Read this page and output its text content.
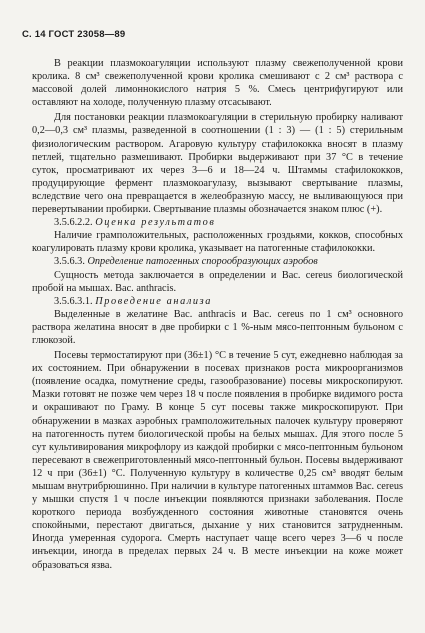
С. 14 ГОСТ 23058—89

В реакции плазмокоагуляции используют плазму свежеполученной крови кролика. 8 см³ свежеполученной крови кролика смешивают с 2 см³ раствора с массовой долей лимоннокислого натрия 5 %. Смесь центрифугируют или оставляют на холоде, полученную плазму отсасывают.

Для постановки реакции плазмокоагуляции в стерильную пробирку наливают 0,2—0,3 см³ плазмы, разведенной в соотношении (1 : 3) — (1 : 5) стерильным физиологическим раствором. Агаровую культуру стафилококка вносят в плазму петлей, тщательно размешивают. Пробирки выдерживают при 37 °С в течение суток, просматривают их через 3—6 и 18—24 ч. Штаммы стафилококков, продуцирующие фермент плазмокоагулазу, вызывают свертывание плазмы, вследствие чего она превращается в желеобразную массу, не выливающуюся при перевертывании пробирки. Свертывание плазмы обозначается знаком плюс (+).

3.5.6.2.2. Оценка результатов

Наличие грамположительных, расположенных гроздьями, кокков, способных коагулировать плазму крови кролика, указывает на патогенные стафилококки.

3.5.6.3. Определение патогенных спорообразующих аэробов

Сущность метода заключается в определении и Bac. cereus биологической пробой на мышах. Bac. anthracis.

3.5.6.3.1. Проведение анализа

Выделенные в желатине Bac. anthracis и Bac. cereus по 1 см³ основного раствора желатина вносят в две пробирки с 1 %-ным мясо-пептонным бульоном с глюкозой.

Посевы термостатируют при (36±1) °С в течение 5 сут, ежедневно наблюдая за их состоянием. При обнаружении в посевах признаков роста микроорганизмов (появление осадка, помутнение среды, газообразование) посевы микроскопируют. Мазки готовят не позже чем через 18 ч после появления в пробирке видимого роста и окрашивают по Граму. В конце 5 сут посевы также микроскопируют. При обнаружении в мазках аэробных грамположительных палочек культуру проверяют на патогенность путем биологической пробы на белых мышах. Для этого после 5 сут культивирования микрофлору из каждой пробирки с мясо-пептонным бульоном пересевают в свежеприготовленный мясо-пептонный бульон. Посевы выдерживают 12 ч при (36±1) °С. Полученную культуру в количестве 0,25 см³ вводят белым мышам внутрибрюшинно. При наличии в культуре патогенных штаммов Bac. cereus у мышки спустя 1 ч после инъекции появляются признаки заболевания. После короткого периода возбужденного состояния животные становятся очень спокойными, перестают двигаться, дыхание у них становится затрудненным. Иногда умеренная судорога. Смерть наступает чаще всего через 3—6 ч после инъекции, иногда в пределах первых 24 ч. В месте инъекции на коже может образоваться язва.
